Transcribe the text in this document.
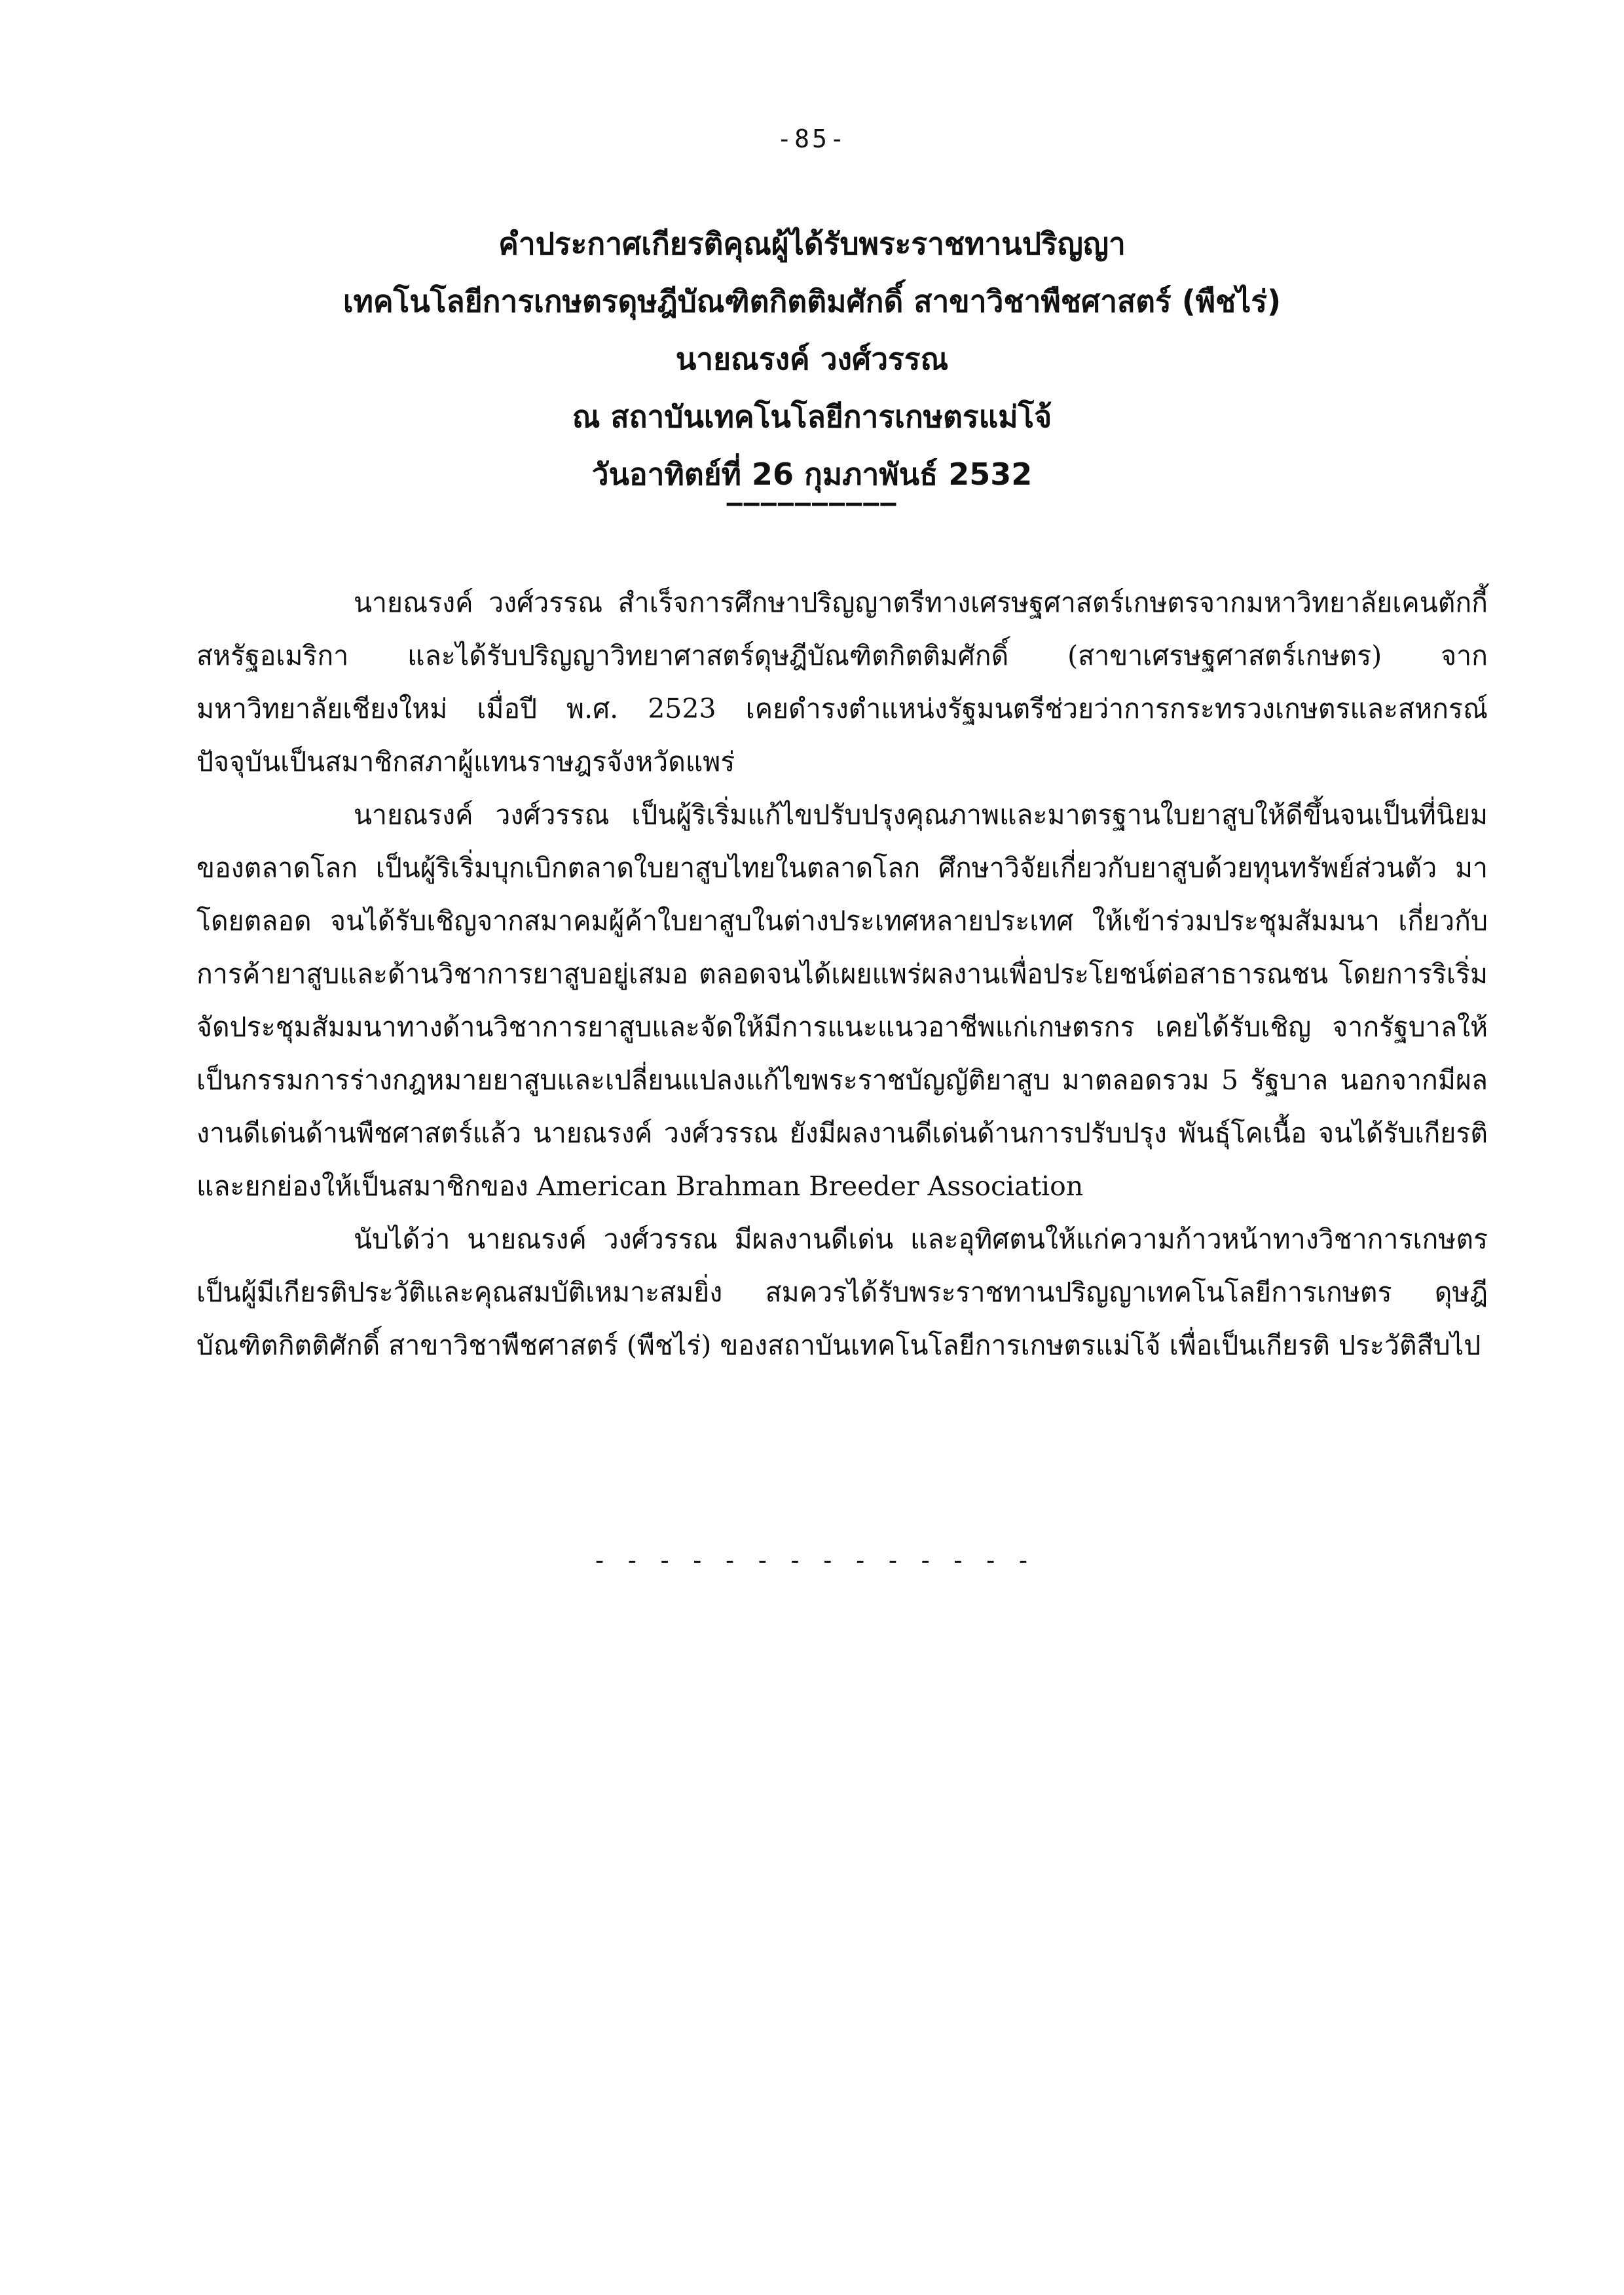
-85-
คำประกาศเกียรติคุณผู้ได้รับพระราชทานปริญญา
เทคโนโลยีการเกษตรดุษฎีบัณฑิตกิตติมศักดิ์ สาขาวิชาพืชศาสตร์ (พืชไร่)
นายณรงค์ วงศ์วรรณ
ณ สถาบันเทคโนโลยีการเกษตรแม่โจ้
วันอาทิตย์ที่ 26 กุมภาพันธ์ 2532
——————————

นายณรงค์ วงศ์วรรณ สำเร็จการศึกษาปริญญาตรีทางเศรษฐศาสตร์เกษตรจากมหาวิทยาลัยเคนตักกี้ สหรัฐอเมริกา และได้รับปริญญาวิทยาศาสตร์ดุษฎีบัณฑิตกิตติมศักดิ์ (สาขาเศรษฐศาสตร์เกษตร) จาก มหาวิทยาลัยเชียงใหม่ เมื่อปี พ.ศ. 2523 เคยดำรงตำแหน่งรัฐมนตรีช่วยว่าการกระทรวงเกษตรและสหกรณ์ ปัจจุบันเป็นสมาชิกสภาผู้แทนราษฎรจังหวัดแพร่

นายณรงค์ วงศ์วรรณ เป็นผู้ริเริ่มแก้ไขปรับปรุงคุณภาพและมาตรฐานใบยาสูบให้ดีขึ้นจนเป็นที่นิยม ของตลาดโลก เป็นผู้ริเริ่มบุกเบิกตลาดใบยาสูบไทยในตลาดโลก ศึกษาวิจัยเกี่ยวกับยาสูบด้วยทุนทรัพย์ส่วนตัว มาโดยตลอด จนได้รับเชิญจากสมาคมผู้ค้าใบยาสูบในต่างประเทศหลายประเทศ ให้เข้าร่วมประชุมสัมมนา เกี่ยวกับการค้ายาสูบและด้านวิชาการยาสูบอยู่เสมอ ตลอดจนได้เผยแพร่ผลงานเพื่อประโยชน์ต่อสาธารณชน โดยการริเริ่มจัดประชุมสัมมนาทางด้านวิชาการยาสูบและจัดให้มีการแนะแนวอาชีพแก่เกษตรกร เคยได้รับเชิญ จากรัฐบาลให้เป็นกรรมการร่างกฎหมายยาสูบและเปลี่ยนแปลงแก้ไขพระราชบัญญัติยาสูบ มาตลอดรวม 5 รัฐบาล นอกจากมีผลงานดีเด่นด้านพืชศาสตร์แล้ว นายณรงค์ วงศ์วรรณ ยังมีผลงานดีเด่นด้านการปรับปรุง พันธุ์โคเนื้อ จนได้รับเกียรติและยกย่องให้เป็นสมาชิกของ American Brahman Breeder Association

นับได้ว่า นายณรงค์ วงศ์วรรณ มีผลงานดีเด่น และอุทิศตนให้แก่ความก้าวหน้าทางวิชาการเกษตร เป็นผู้มีเกียรติประวัติและคุณสมบัติเหมาะสมยิ่ง สมควรได้รับพระราชทานปริญญาเทคโนโลยีการเกษตร ดุษฎีบัณฑิตกิตติศักดิ์ สาขาวิชาพืชศาสตร์ (พืชไร่) ของสถาบันเทคโนโลยีการเกษตรแม่โจ้ เพื่อเป็นเกียรติ ประวัติสืบไป

- - - - - - - - - - - - - -
